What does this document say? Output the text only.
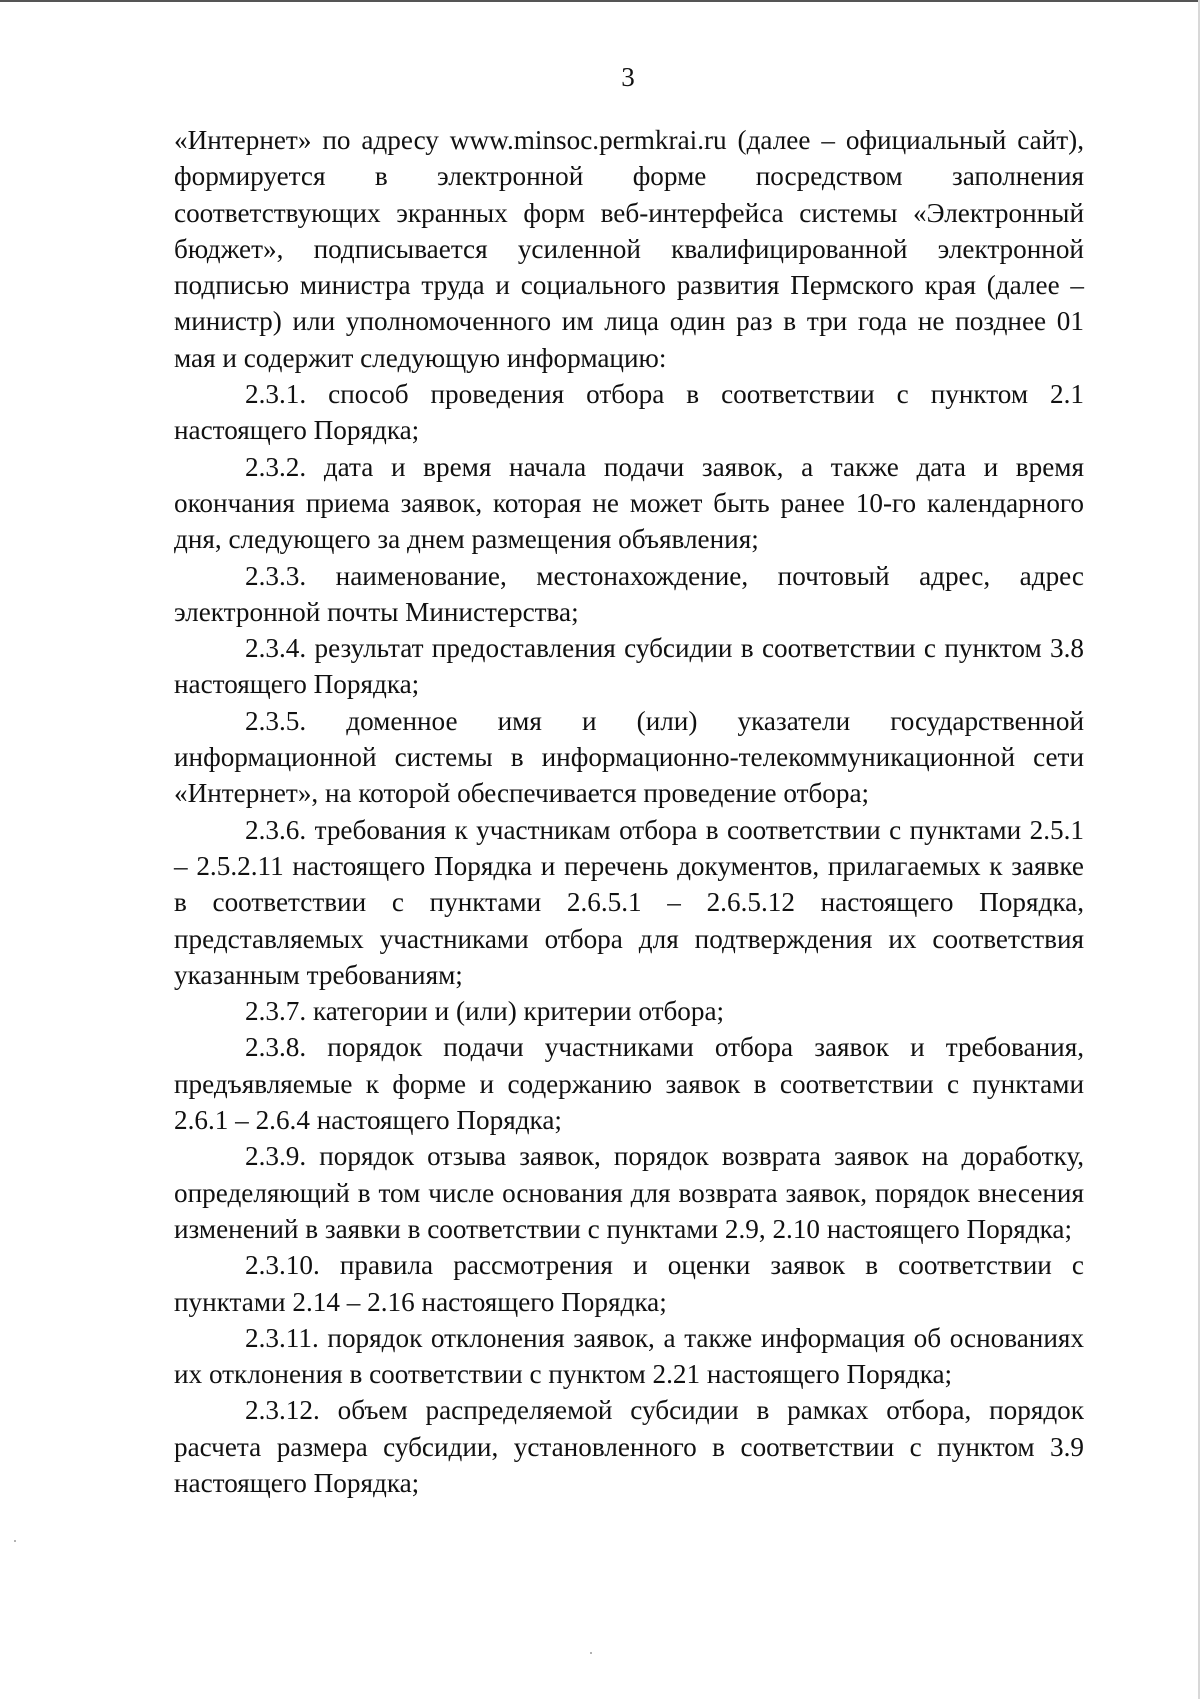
3

«Интернет» по адресу www.minsoc.permkrai.ru (далее – официальный сайт), формируется в электронной форме посредством заполнения соответствующих экранных форм веб-интерфейса системы «Электронный бюджет», подписывается усиленной квалифицированной электронной подписью министра труда и социального развития Пермского края (далее – министр) или уполномоченного им лица один раз в три года не позднее 01 мая и содержит следующую информацию:

2.3.1. способ проведения отбора в соответствии с пунктом 2.1 настоящего Порядка;

2.3.2. дата и время начала подачи заявок, а также дата и время окончания приема заявок, которая не может быть ранее 10-го календарного дня, следующего за днем размещения объявления;

2.3.3. наименование, местонахождение, почтовый адрес, адрес электронной почты Министерства;

2.3.4. результат предоставления субсидии в соответствии с пунктом 3.8 настоящего Порядка;

2.3.5. доменное имя и (или) указатели государственной информационной системы в информационно-телекоммуникационной сети «Интернет», на которой обеспечивается проведение отбора;

2.3.6. требования к участникам отбора в соответствии с пунктами 2.5.1 – 2.5.2.11 настоящего Порядка и перечень документов, прилагаемых к заявке в соответствии с пунктами 2.6.5.1 – 2.6.5.12 настоящего Порядка, представляемых участниками отбора для подтверждения их соответствия указанным требованиям;

2.3.7. категории и (или) критерии отбора;

2.3.8. порядок подачи участниками отбора заявок и требования, предъявляемые к форме и содержанию заявок в соответствии с пунктами 2.6.1 – 2.6.4 настоящего Порядка;

2.3.9. порядок отзыва заявок, порядок возврата заявок на доработку, определяющий в том числе основания для возврата заявок, порядок внесения изменений в заявки в соответствии с пунктами 2.9, 2.10 настоящего Порядка;

2.3.10. правила рассмотрения и оценки заявок в соответствии с пунктами 2.14 – 2.16 настоящего Порядка;

2.3.11. порядок отклонения заявок, а также информация об основаниях их отклонения в соответствии с пунктом 2.21 настоящего Порядка;

2.3.12. объем распределяемой субсидии в рамках отбора, порядок расчета размера субсидии, установленного в соответствии с пунктом 3.9 настоящего Порядка;
